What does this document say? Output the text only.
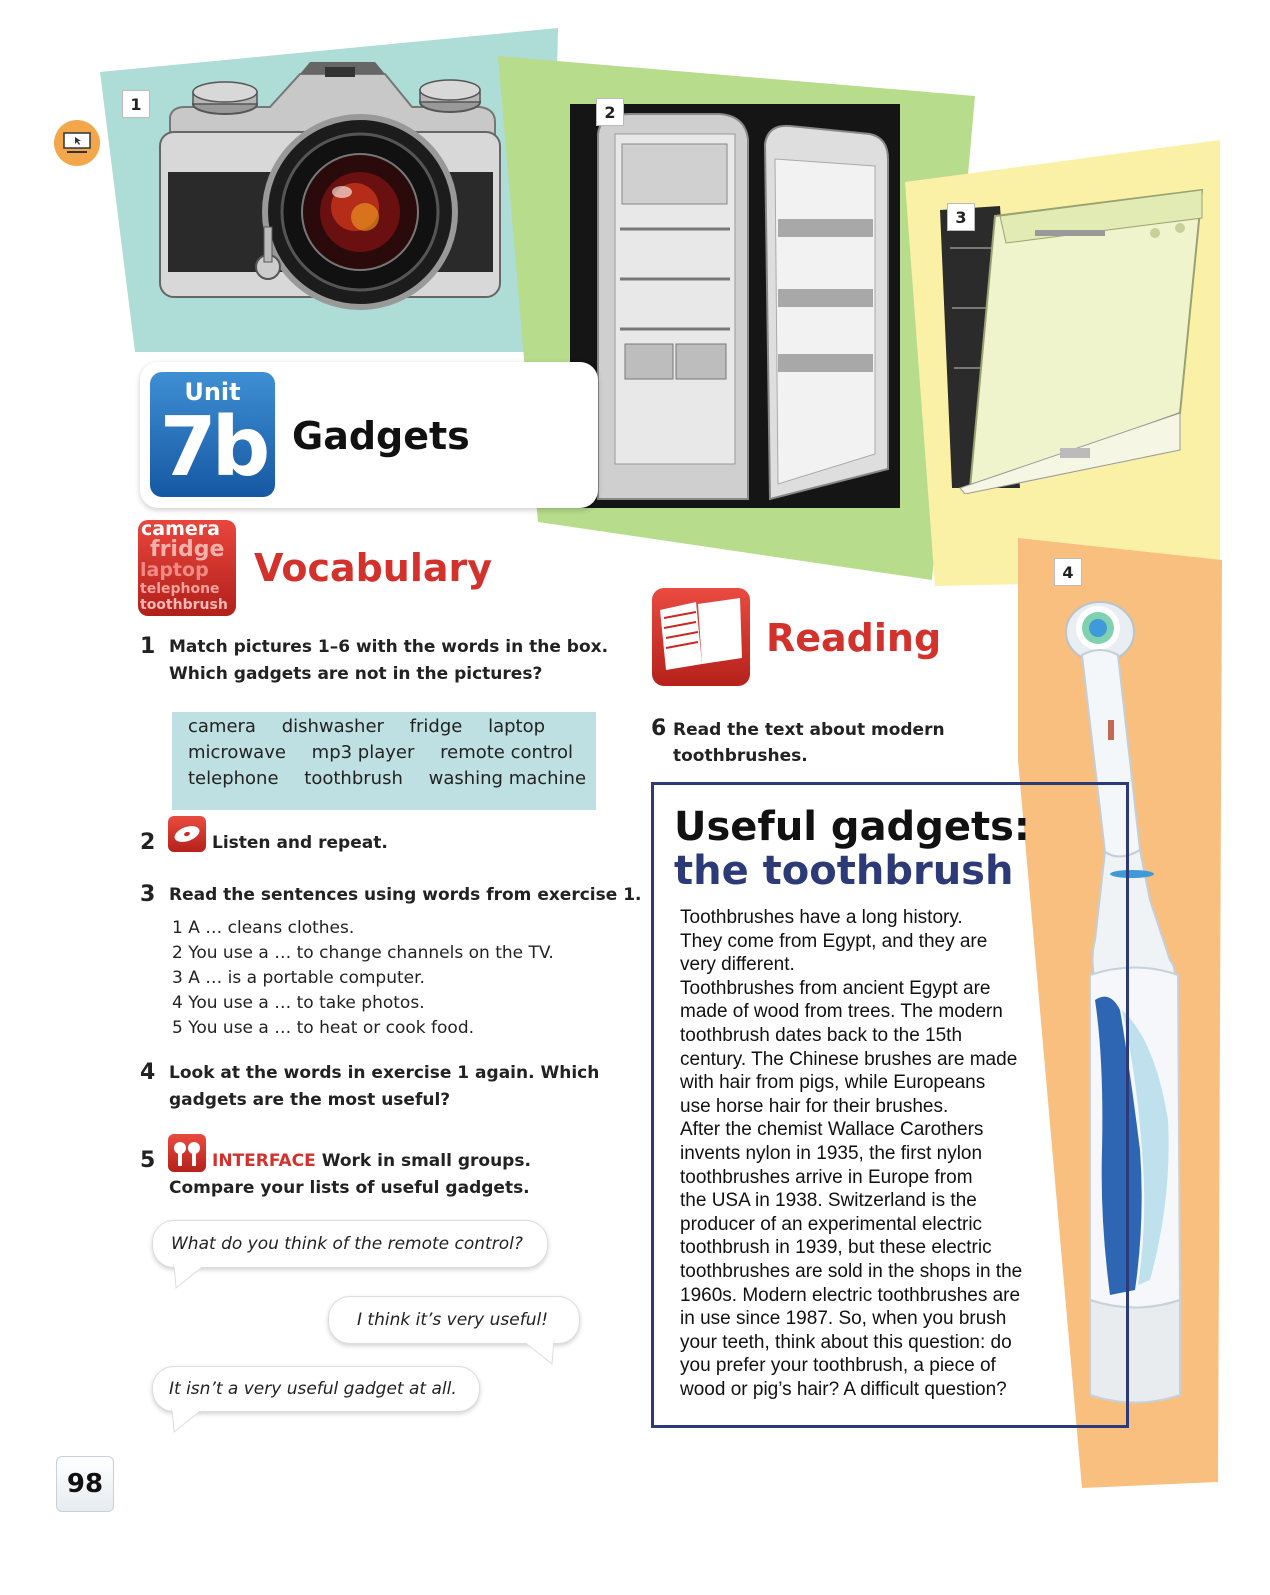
1	2
3
4
Unit
7b Gadgets
camera
fridge
laptop
telephone
toothbrush
Vocabulary
1 Match pictures 1–6 with the words in the box.
Which gadgets are not in the pictures?
camera dishwasher fridge laptop
microwave mp3 player remote control
telephone toothbrush washing machine
2	Listen and repeat.
3 Read the sentences using words from exercise 1.
1 A … cleans clothes.
2 You use a … to change channels on the TV.
3 A … is a portable computer.
4 You use a … to take photos.
5 You use a … to heat or cook food.
4 Look at the words in exercise 1 again. Which
gadgets are the most useful?
5	INTERFACE Work in small groups.
Compare your lists of useful gadgets.
What do you think of the remote control?
I think it’s very useful!
It isn’t a very useful gadget at all.
Reading
6 Read the text about modern
toothbrushes.
Useful gadgets:
the toothbrush

Toothbrushes have a long history.

They come from Egypt, and they are

very different.

Toothbrushes from ancient Egypt are

made of wood from trees. The modern

toothbrush dates back to the 15th

century. The Chinese brushes are made

with hair from pigs, while Europeans

use horse hair for their brushes.

After the chemist Wallace Carothers

invents nylon in 1935, the first nylon

toothbrushes arrive in Europe from

the USA in 1938. Switzerland is the

producer of an experimental electric

toothbrush in 1939, but these electric

toothbrushes are sold in the shops in the

1960s. Modern electric toothbrushes are

in use since 1987. So, when you brush

your teeth, think about this question: do

you prefer your toothbrush, a piece of

wood or pig’s hair? A difficult question?

98
